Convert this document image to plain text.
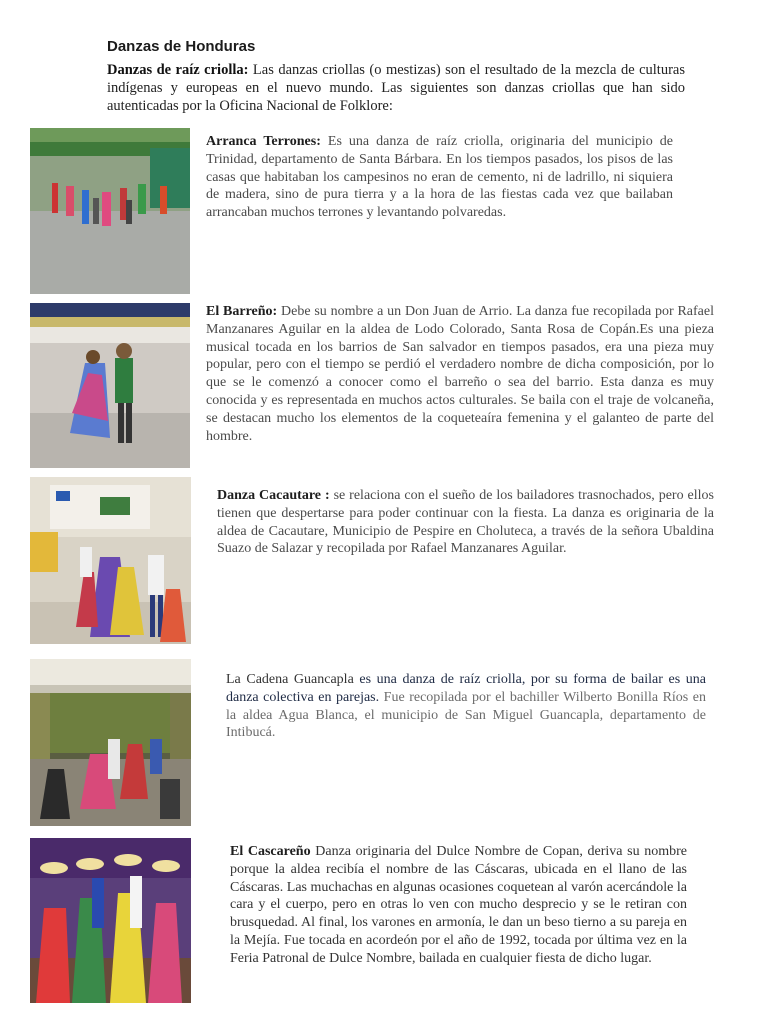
Danzas de Honduras
Danzas de raíz criolla: Las danzas criollas (o mestizas) son el resultado de la mezcla de culturas indígenas y europeas en el nuevo mundo. Las siguientes son danzas criollas que han sido autenticadas por la Oficina Nacional de Folklore:
Arranca Terrones: Es una danza de raíz criolla, originaria del municipio de Trinidad, departamento de Santa Bárbara. En los tiempos pasados, los pisos de las casas que habitaban los campesinos no eran de cemento, ni de ladrillo, ni siquiera de madera, sino de pura tierra y a la hora de las fiestas cada vez que bailaban arrancaban muchos terrones y levantando polvaredas.
El Barreño: Debe su nombre a un Don Juan de Arrio. La danza fue recopilada por Rafael Manzanares Aguilar en la aldea de Lodo Colorado, Santa Rosa de Copán.Es una pieza musical tocada en los barrios de San salvador en tiempos pasados, era una pieza muy popular, pero con el tiempo se perdió el verdadero nombre de dicha composición, por lo que se le comenzó a conocer como el barreño o sea del barrio. Esta danza es muy conocida y es representada en muchos actos culturales. Se baila con el traje de volcaneña, se destacan mucho los elementos de la coqueteaíra femenina y el galanteo de parte del hombre.
Danza Cacautare : se relaciona con el sueño de los bailadores trasnochados, pero ellos tienen que despertarse para poder continuar con la fiesta. La danza es originaria de la aldea de Cacautare, Municipio de Pespire en Choluteca, a través de la señora Ubaldina Suazo de Salazar y recopilada por Rafael Manzanares Aguilar.
La Cadena Guancapla es una danza de raíz criolla, por su forma de bailar es una danza colectiva en parejas. Fue recopilada por el bachiller Wilberto Bonilla Ríos en la aldea Agua Blanca, el municipio de San Miguel Guancapla, departamento de Intibucá.
El Cascareño Danza originaria del Dulce Nombre de Copan, deriva su nombre porque la aldea recibía el nombre de las Cáscaras, ubicada en el llano de las Cáscaras. Las muchachas en algunas ocasiones coquetean al varón acercándole la cara y el cuerpo, pero en otras lo ven con mucho desprecio y se le retiran con brusquedad. Al final, los varones en armonía, le dan un beso tierno a su pareja en la Mejía. Fue tocada en acordeón por el año de 1992, tocada por última vez en la Feria Patronal de Dulce Nombre, bailada en cualquier fiesta de dicho lugar.
